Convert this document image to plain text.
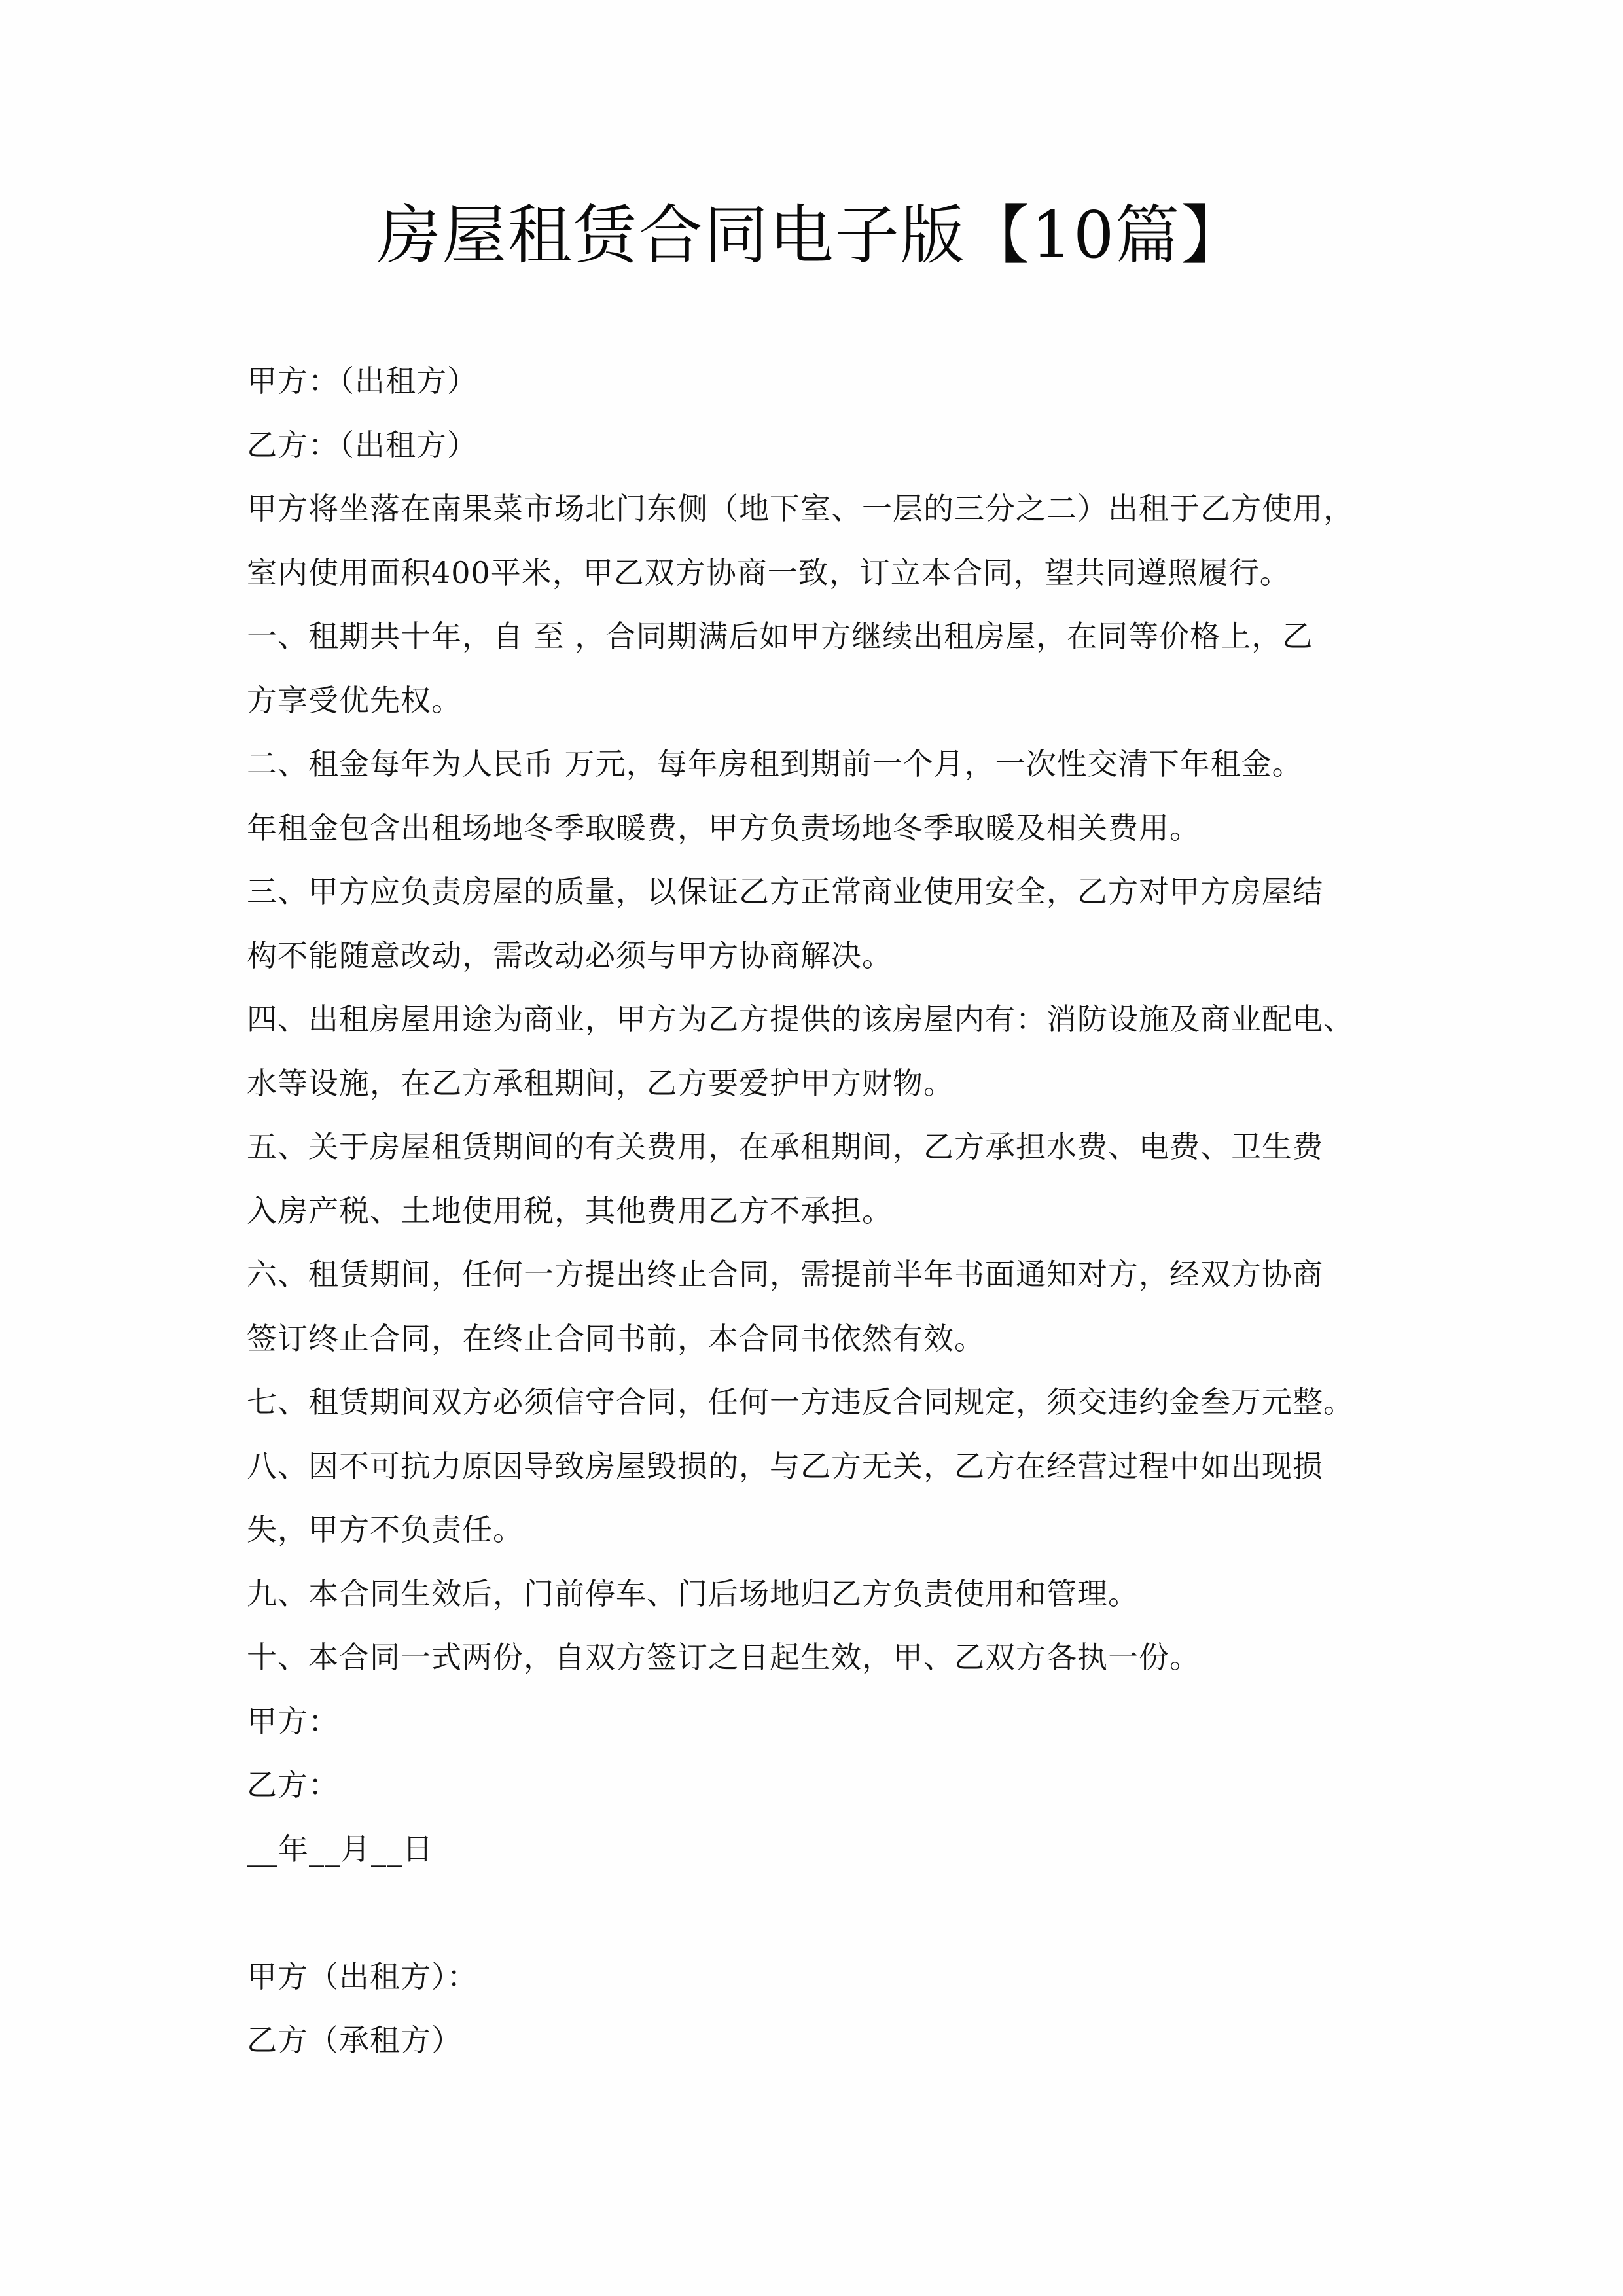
房屋租赁合同电子版【10篇】
甲方：（出租方）
乙方：（出租方）
甲方将坐落在南果菜市场北门东侧（地下室、一层的三分之二）出租于乙方使用，
室内使用面积400平米，甲乙双方协商一致，订立本合同，望共同遵照履行。
一、租期共十年，自 至 ，合同期满后如甲方继续出租房屋，在同等价格上，乙
方享受优先权。
二、租金每年为人民币 万元，每年房租到期前一个月，一次性交清下年租金。
年租金包含出租场地冬季取暖费，甲方负责场地冬季取暖及相关费用。
三、甲方应负责房屋的质量，以保证乙方正常商业使用安全，乙方对甲方房屋结
构不能随意改动，需改动必须与甲方协商解决。
四、出租房屋用途为商业，甲方为乙方提供的该房屋内有：消防设施及商业配电、
水等设施，在乙方承租期间，乙方要爱护甲方财物。
五、关于房屋租赁期间的有关费用，在承租期间，乙方承担水费、电费、卫生费
入房产税、土地使用税，其他费用乙方不承担。
六、租赁期间，任何一方提出终止合同，需提前半年书面通知对方，经双方协商
签订终止合同，在终止合同书前，本合同书依然有效。
七、租赁期间双方必须信守合同，任何一方违反合同规定，须交违约金叁万元整。
八、因不可抗力原因导致房屋毁损的，与乙方无关，乙方在经营过程中如出现损
失，甲方不负责任。
九、本合同生效后，门前停车、门后场地归乙方负责使用和管理。
十、本合同一式两份，自双方签订之日起生效，甲、乙双方各执一份。
甲方：
乙方：
__年__月__日
甲方（出租方）：
乙方（承租方）
